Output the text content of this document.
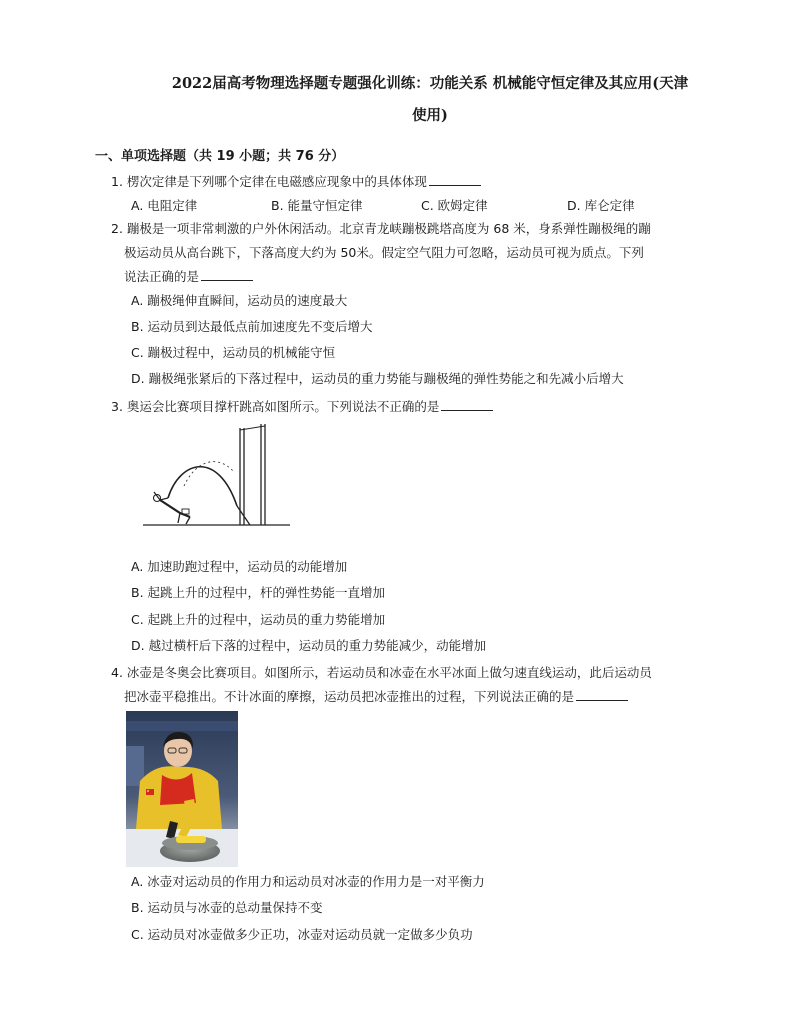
2022届高考物理选择题专题强化训练：功能关系 机械能守恒定律及其应用(天津
使用)
一、单项选择题（共 19 小题；共 76 分）
1. 楞次定律是下列哪个定律在电磁感应现象中的具体体现
A. 电阻定律	B. 能量守恒定律	C. 欧姆定律	D. 库仑定律
2. 蹦极是一项非常刺激的户外休闲活动。北京青龙峡蹦极跳塔高度为 68 米，身系弹性蹦极绳的蹦
极运动员从高台跳下，下落高度大约为 50米。假定空气阻力可忽略，运动员可视为质点。下列
说法正确的是
A. 蹦极绳伸直瞬间，运动员的速度最大
B. 运动员到达最低点前加速度先不变后增大
C. 蹦极过程中，运动员的机械能守恒
D. 蹦极绳张紧后的下落过程中，运动员的重力势能与蹦极绳的弹性势能之和先减小后增大
3. 奥运会比赛项目撑杆跳高如图所示。下列说法不正确的是
A. 加速助跑过程中，运动员的动能增加
B. 起跳上升的过程中，杆的弹性势能一直增加
C. 起跳上升的过程中，运动员的重力势能增加
D. 越过横杆后下落的过程中，运动员的重力势能减少，动能增加
4. 冰壶是冬奥会比赛项目。如图所示，若运动员和冰壶在水平冰面上做匀速直线运动，此后运动员
把冰壶平稳推出。不计冰面的摩擦，运动员把冰壶推出的过程，下列说法正确的是
A. 冰壶对运动员的作用力和运动员对冰壶的作用力是一对平衡力
B. 运动员与冰壶的总动量保持不变
C. 运动员对冰壶做多少正功，冰壶对运动员就一定做多少负功
